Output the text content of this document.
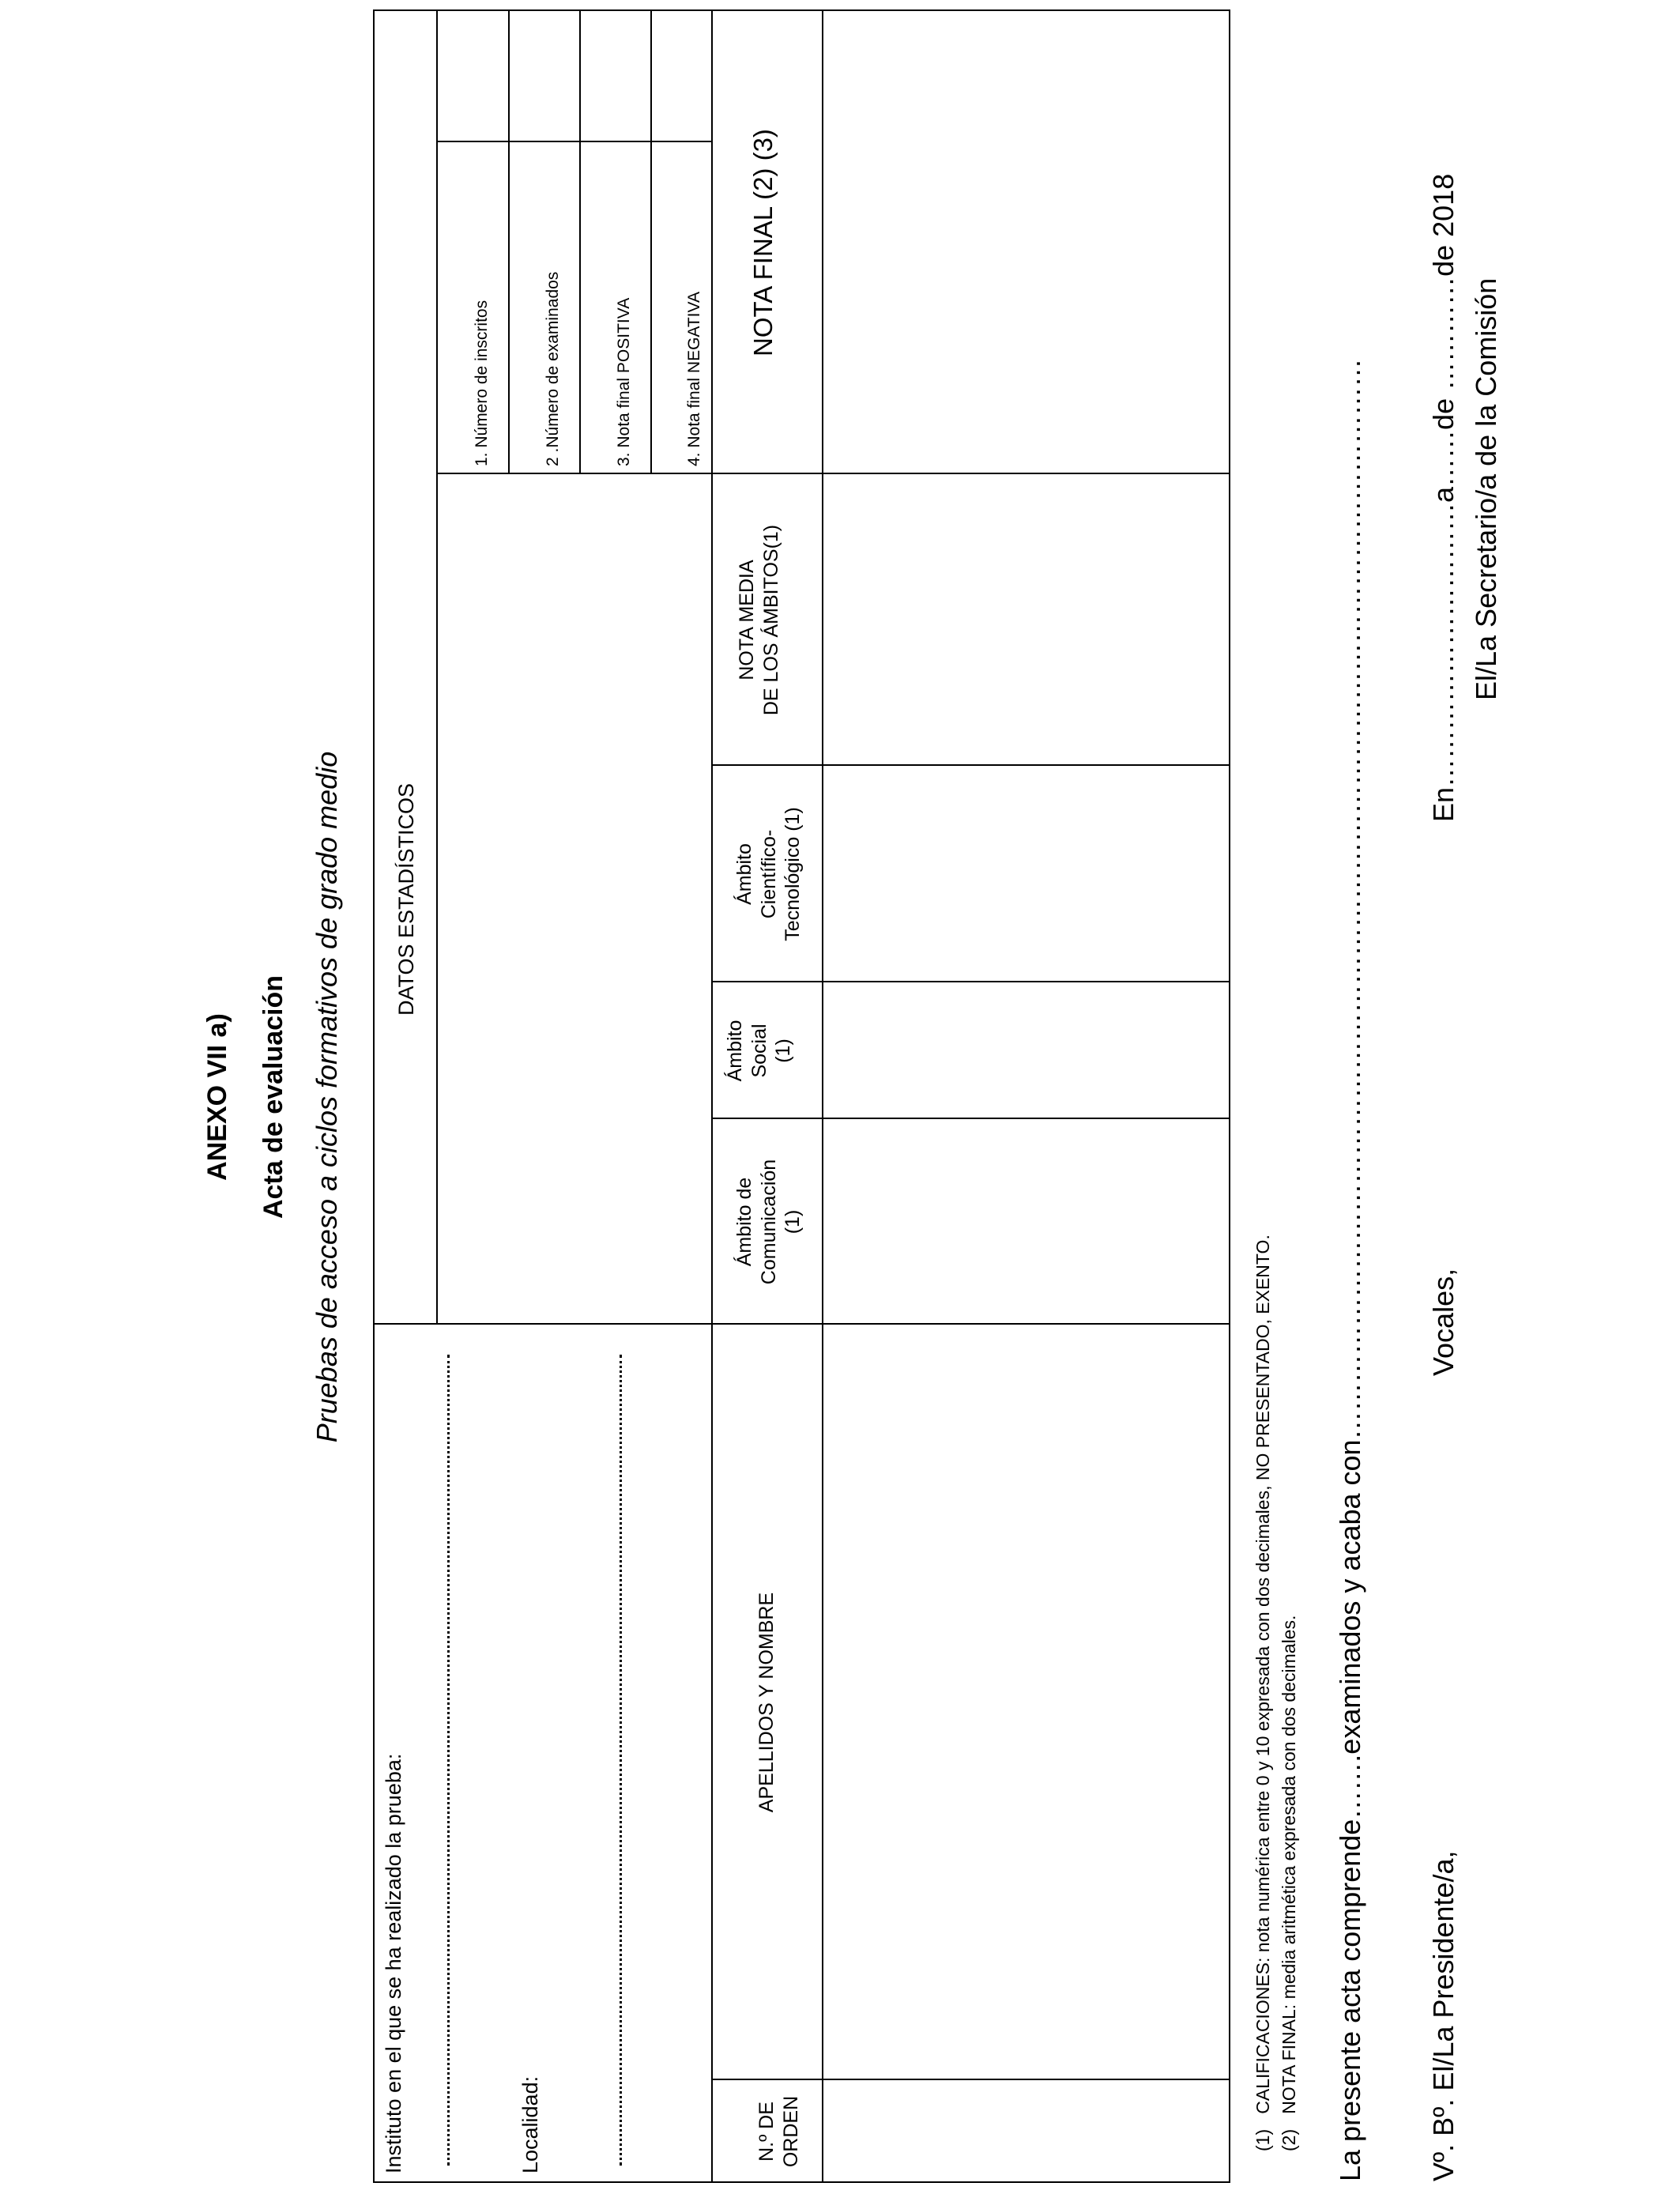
ANEXO VII a) Acta de evaluación Pruebas de acceso a ciclos formativos de grado medio
Instituto en el que se ha realizado la prueba:	Localidad:
DATOS ESTADÍSTICOS
1. Número de inscritos	2 .Número de examinados	3. Nota final POSITIVA	4. Nota final NEGATIVA
N.º DE ORDEN
APELLIDOS Y NOMBRE
Ámbito de Comunicación (1)
Ámbito Social (1)
Ámbito Científico- Tecnológico (1)
NOTA MEDIA DE LOS ÁMBITOS(1)
NOTA FINAL (2) (3)
(1)   CALIFICACIONES: nota numérica entre 0 y 10 expresada con dos decimales, NO PRESENTADO, EXENTO.
(2)   NOTA FINAL: media aritmética expresada con dos decimales. La presente acta comprende…….examinados y acaba con…………………………………………………………………………………………………… Vº. Bº. El/La Presidente/a,
Vocales,
En…………………………a……de …………de 2018 El/La Secretario/a de la Comisión
